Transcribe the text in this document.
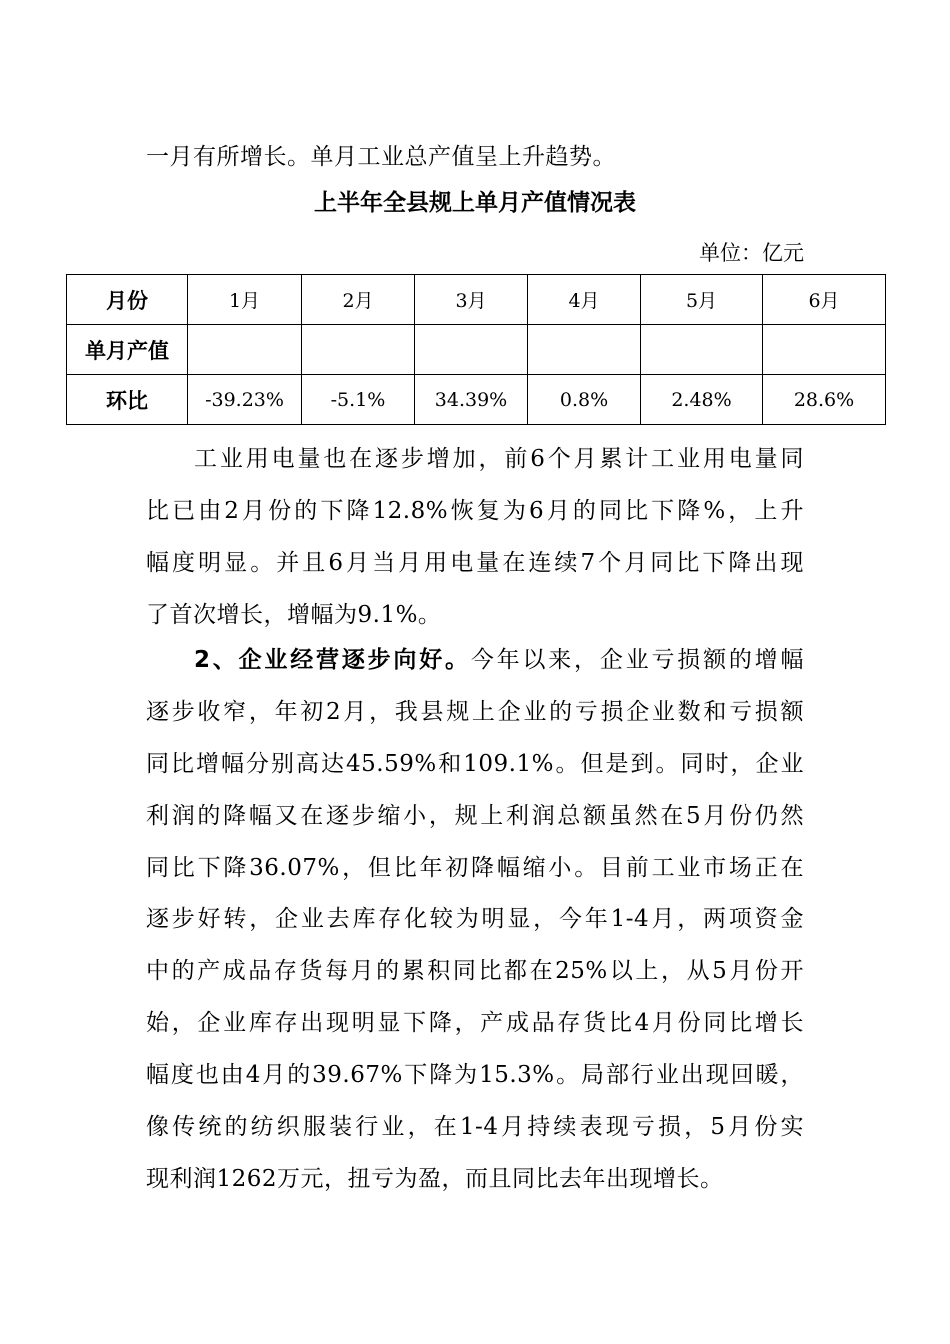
一月有所增长。单月工业总产值呈上升趋势。
上半年全县规上单月产值情况表
单位：亿元
月份	1月	2月	3月	4月	5月	6月
单月产值						
环比	-39.23%	-5.1%	34.39%	0.8%	2.48%	28.6%
工业用电量也在逐步增加，前6个月累计工业用电量同
比已由2月份的下降12.8%恢复为6月的同比下降%，上升
幅度明显。并且6月当月用电量在连续7个月同比下降出现
了首次增长，增幅为9.1%。
2、企业经营逐步向好。今年以来，企业亏损额的增幅
逐步收窄，年初2月，我县规上企业的亏损企业数和亏损额
同比增幅分别高达45.59%和109.1%。但是到。同时，企业
利润的降幅又在逐步缩小，规上利润总额虽然在5月份仍然
同比下降36.07%，但比年初降幅缩小。目前工业市场正在
逐步好转，企业去库存化较为明显，今年1-4月，两项资金
中的产成品存货每月的累积同比都在25%以上，从5月份开
始，企业库存出现明显下降，产成品存货比4月份同比增长
幅度也由4月的39.67%下降为15.3%。局部行业出现回暖，
像传统的纺织服装行业，在1-4月持续表现亏损，5月份实
现利润1262万元，扭亏为盈，而且同比去年出现增长。
